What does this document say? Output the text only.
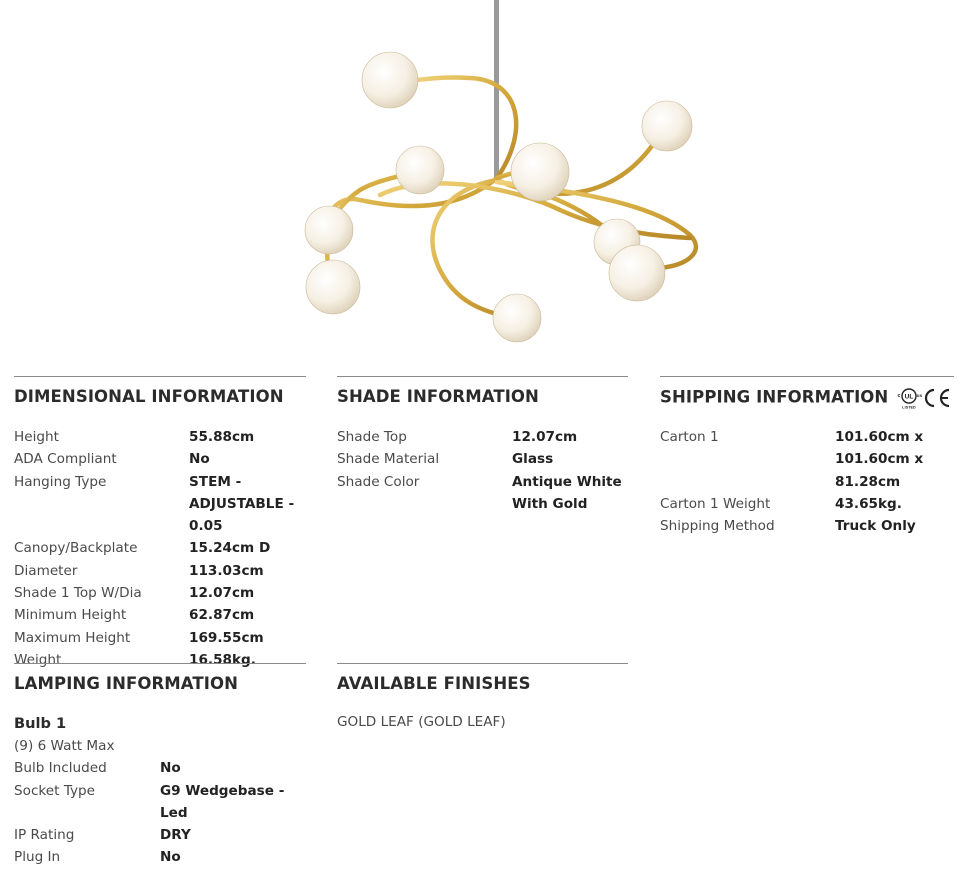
DIMENSIONAL INFORMATION
Height	55.88cm
ADA Compliant	No
Hanging Type	STEM -
ADJUSTABLE - 0.05
Canopy/Backplate	15.24cm D
Diameter	113.03cm
Shade 1 Top W/Dia	12.07cm
Minimum Height	62.87cm
Maximum Height	169.55cm
Weight	16.58kg.
SHADE INFORMATION
Shade Top	12.07cm
Shade Material	Glass
Shade Color	Antique White
With Gold
SHIPPING INFORMATION	UL
c	us
LISTED
Carton 1	101.60cm x
101.60cm x
81.28cm
Carton 1 Weight	43.65kg.
Shipping Method	Truck Only
LAMPING INFORMATION
Bulb 1
(9) 6 Watt Max
Bulb Included	No
Socket Type	G9 Wedgebase - Led
IP Rating	DRY
Plug In	No
AVAILABLE FINISHES
GOLD LEAF (GOLD LEAF)
